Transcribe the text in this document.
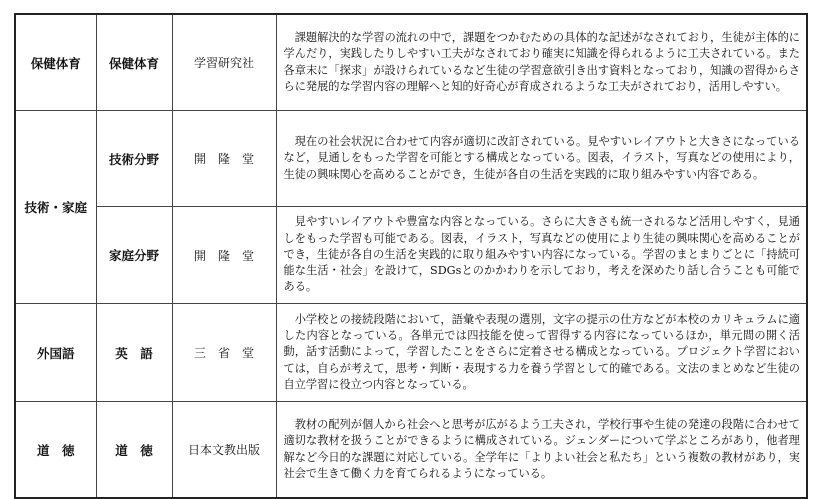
保健体育	保健体育	学習研究社	課題解決的な学習の流れの中で，課題をつかむための具体的な記述がなされており，生徒が主体的に学んだり，実践したりしやすい工夫がなされており確実に知識を得られるように工夫されている。また各章末に「探求」が設けられているなど生徒の学習意欲引き出す資料となっており，知識の習得からさらに発展的な学習内容の理解へと知的好奇心が育成されるような工夫がされており，活用しやすい。

技術・家庭	技術分野	開　隆　堂	現在の社会状況に合わせて内容が適切に改訂されている。見やすいレイアウトと大きさになっているなど，見通しをもった学習を可能とする構成となっている。図表，イラスト，写真などの使用により，生徒の興味関心を高めることができ，生徒が各自の生活を実践的に取り組みやすい内容である。

	家庭分野	開　隆　堂	見やすいレイアウトや豊富な内容となっている。さらに大きさも統一されるなど活用しやすく，見通しをもった学習も可能である。図表，イラスト，写真などの使用により生徒の興味関心を高めることができ，生徒が各自の生活を実践的に取り組みやすい内容になっている。学習のまとまりごとに「持続可能な生活・社会」を設けて，SDGsとのかかわりを示しており，考えを深めたり話し合うことも可能である。

外国語	英　語	三　省　堂	小学校との接続段階において，語彙や表現の選別，文字の提示の仕方などが本校のカリキュラムに適した内容となっている。各単元では四技能を使って習得する内容になっているほか，単元間の開く活動，話す活動によって，学習したことをさらに定着させる構成となっている。プロジェクト学習においては，自らが考えて，思考・判断・表現する力を養う学習として的確である。文法のまとめなど生徒の自立学習に役立つ内容となっている。

道　徳	道　徳	日本文教出版	教材の配列が個人から社会へと思考が広がるよう工夫され，学校行事や生徒の発達の段階に合わせて適切な教材を扱うことができるように構成されている。ジェンダーについて学ぶところがあり，他者理解など今日的な課題に対応している。全学年に「よりよい社会と私たち」という複数の教材があり，実社会で生きて働く力を育てられるようになっている。
